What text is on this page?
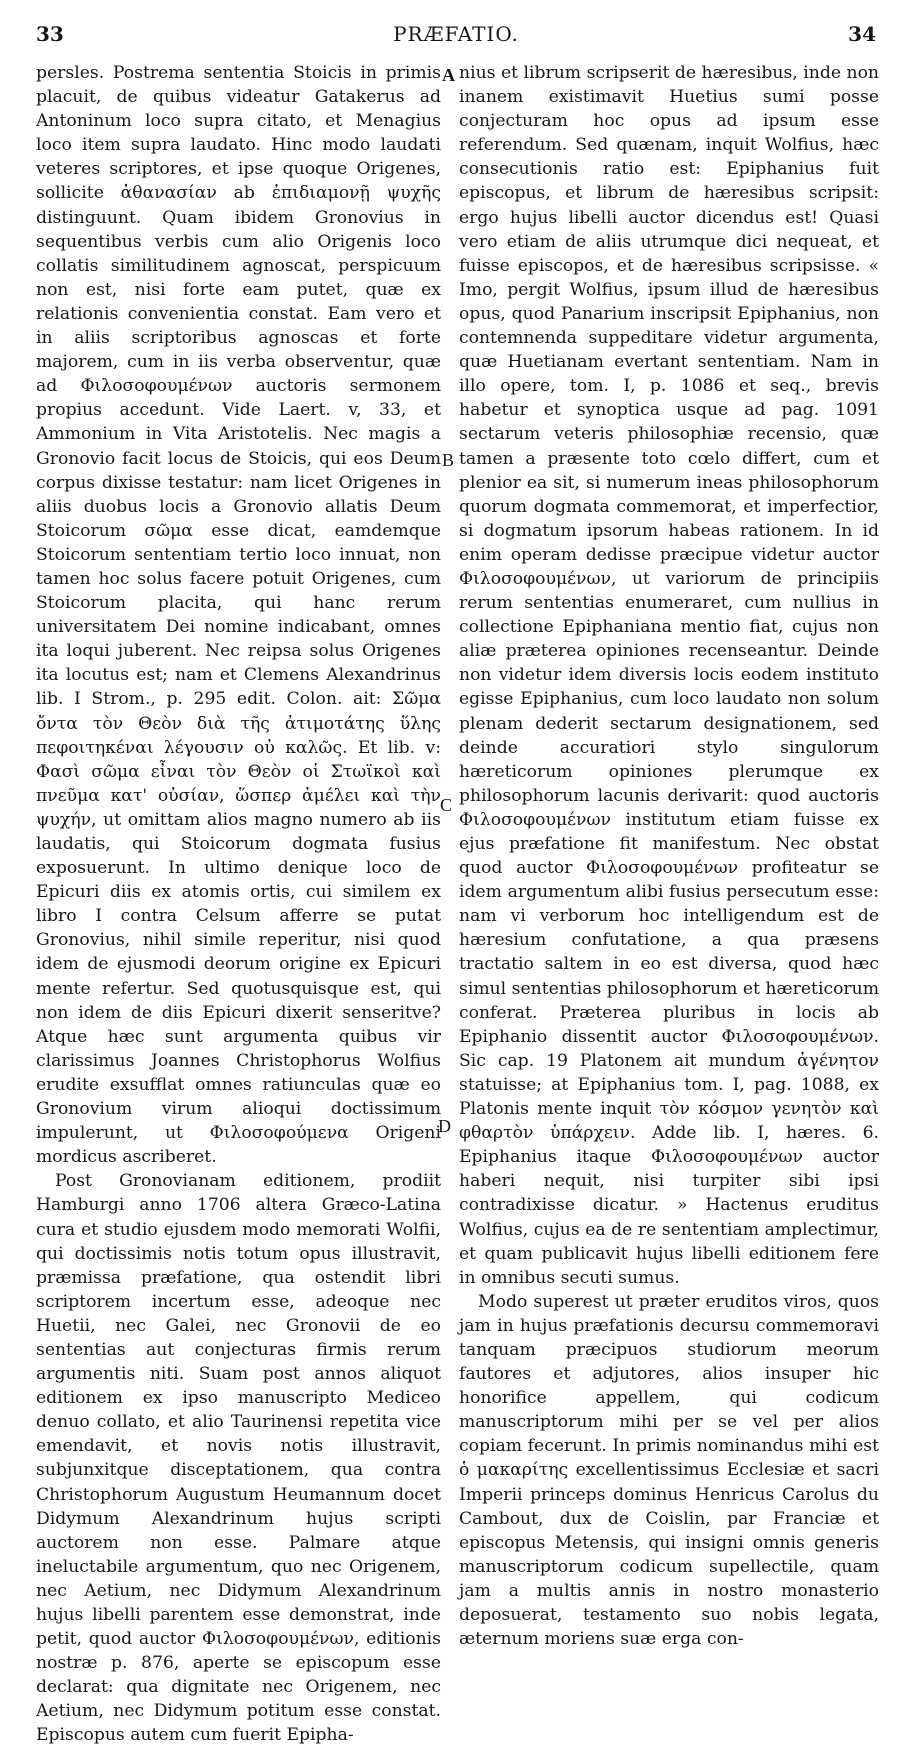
33	PRÆFATIO.	34

persles. Postrema sententia Stoicis in primis placuit, de quibus videatur Gatakerus ad Antoninum loco supra citato, et Menagius loco item supra laudato. Hinc modo laudati veteres scriptores, et ipse quoque Origenes, sollicite ἀθανασίαν ab ἐπιδιαμονῇ ψυχῆς distinguunt. Quam ibidem Gronovius in sequentibus verbis cum alio Origenis loco collatis similitudinem agnoscat, perspicuum non est, nisi forte eam putet, quæ ex relationis convenientia constat. Eam vero et in aliis scriptoribus agnoscas et forte majorem, cum in iis verba observentur, quæ ad Φιλοσοφουμένων auctoris sermonem propius accedunt. Vide Laert. v, 33, et Ammonium in Vita Aristotelis. Nec magis a Gronovio facit locus de Stoicis, qui eos Deum corpus dixisse testatur: nam licet Origenes in aliis duobus locis a Gronovio allatis Deum Stoicorum σῶμα esse dicat, eamdemque Stoicorum sententiam tertio loco innuat, non tamen hoc solus facere potuit Origenes, cum Stoicorum placita, qui hanc rerum universitatem Dei nomine indicabant, omnes ita loqui juberent. Nec reipsa solus Origenes ita locutus est; nam et Clemens Alexandrinus lib. I Strom., p. 295 edit. Colon. ait: Σῶμα ὄντα τὸν Θεὸν διὰ τῆς ἀτιμοτάτης ὕλης πεφοιτηκέναι λέγουσιν οὐ καλῶς. Et lib. v: Φασὶ σῶμα εἶναι τὸν Θεὸν οἱ Στωϊκοὶ καὶ πνεῦμα κατ' οὐσίαν, ὥσπερ ἀμέλει καὶ τὴν ψυχήν, ut omittam alios magno numero ab iis laudatis, qui Stoicorum dogmata fusius exposuerunt. In ultimo denique loco de Epicuri diis ex atomis ortis, cui similem ex libro I contra Celsum afferre se putat Gronovius, nihil simile reperitur, nisi quod idem de ejusmodi deorum origine ex Epicuri mente refertur. Sed quotusquisque est, qui non idem de diis Epicuri dixerit senseritve? Atque hæc sunt argumenta quibus vir clarissimus Joannes Christophorus Wolfius erudite exsufflat omnes ratiunculas quæ eo Gronovium virum alioqui doctissimum impulerunt, ut Φιλοσοφούμενα Origeni mordicus ascriberet.

Post Gronovianam editionem, prodiit Hamburgi anno 1706 altera Græco-Latina cura et studio ejusdem modo memorati Wolfii, qui doctissimis notis totum opus illustravit, præmissa præfatione, qua ostendit libri scriptorem incertum esse, adeoque nec Huetii, nec Galei, nec Gronovii de eo sententias aut conjecturas firmis rerum argumentis niti. Suam post annos aliquot editionem ex ipso manuscripto Mediceo denuo collato, et alio Taurinensi repetita vice emendavit, et novis notis illustravit, subjunxitque disceptationem, qua contra Christophorum Augustum Heumannum docet Didymum Alexandrinum hujus scripti auctorem non esse. Palmare atque ineluctabile argumentum, quo nec Origenem, nec Aetium, nec Didymum Alexandrinum hujus libelli parentem esse demonstrat, inde petit, quod auctor Φιλοσοφουμένων, editionis nostræ p. 876, aperte se episcopum esse declarat: qua dignitate nec Origenem, nec Aetium, nec Didymum potitum esse constat. Episcopus autem cum fuerit Epipha-

nius et librum scripserit de hæresibus, inde non inanem existimavit Huetius sumi posse conjecturam hoc opus ad ipsum esse referendum. Sed quænam, inquit Wolfius, hæc consecutionis ratio est: Epiphanius fuit episcopus, et librum de hæresibus scripsit: ergo hujus libelli auctor dicendus est! Quasi vero etiam de aliis utrumque dici nequeat, et fuisse episcopos, et de hæresibus scripsisse. « Imo, pergit Wolfius, ipsum illud de hæresibus opus, quod Panarium inscripsit Epiphanius, non contemnenda suppeditare videtur argumenta, quæ Huetianam evertant sententiam. Nam in illo opere, tom. I, p. 1086 et seq., brevis habetur et synoptica usque ad pag. 1091 sectarum veteris philosophiæ recensio, quæ tamen a præsente toto cœlo differt, cum et plenior ea sit, si numerum ineas philosophorum quorum dogmata commemorat, et imperfectior, si dogmatum ipsorum habeas rationem. In id enim operam dedisse præcipue videtur auctor Φιλοσοφουμένων, ut variorum de principiis rerum sententias enumeraret, cum nullius in collectione Epiphaniana mentio fiat, cujus non aliæ præterea opiniones recenseantur. Deinde non videtur idem diversis locis eodem instituto egisse Epiphanius, cum loco laudato non solum plenam dederit sectarum designationem, sed deinde accuratiori stylo singulorum hæreticorum opiniones plerumque ex philosophorum lacunis derivarit: quod auctoris Φιλοσοφουμένων institutum etiam fuisse ex ejus præfatione fit manifestum. Nec obstat quod auctor Φιλοσοφουμένων profiteatur se idem argumentum alibi fusius persecutum esse: nam vi verborum hoc intelligendum est de hæresium confutatione, a qua præsens tractatio saltem in eo est diversa, quod hæc simul sententias philosophorum et hæreticorum conferat. Præterea pluribus in locis ab Epiphanio dissentit auctor Φιλοσοφουμένων. Sic cap. 19 Platonem ait mundum ἀγένητον statuisse; at Epiphanius tom. I, pag. 1088, ex Platonis mente inquit τὸν κόσμον γενητὸν καὶ φθαρτὸν ὑπάρχειν. Adde lib. I, hæres. 6. Epiphanius itaque Φιλοσοφουμένων auctor haberi nequit, nisi turpiter sibi ipsi contradixisse dicatur. » Hactenus eruditus Wolfius, cujus ea de re sententiam amplectimur, et quam publicavit hujus libelli editionem fere in omnibus secuti sumus.

Modo superest ut præter eruditos viros, quos jam in hujus præfationis decursu commemoravi tanquam præcipuos studiorum meorum fautores et adjutores, alios insuper hic honorifice appellem, qui codicum manuscriptorum mihi per se vel per alios copiam fecerunt. In primis nominandus mihi est ὁ μακαρίτης excellentissimus Ecclesiæ et sacri Imperii princeps dominus Henricus Carolus du Cambout, dux de Coislin, par Franciæ et episcopus Metensis, qui insigni omnis generis manuscriptorum codicum supellectile, quam jam a multis annis in nostro monasterio deposuerat, testamento suo nobis legata, æternum moriens suæ erga con-

A
B
C
D
